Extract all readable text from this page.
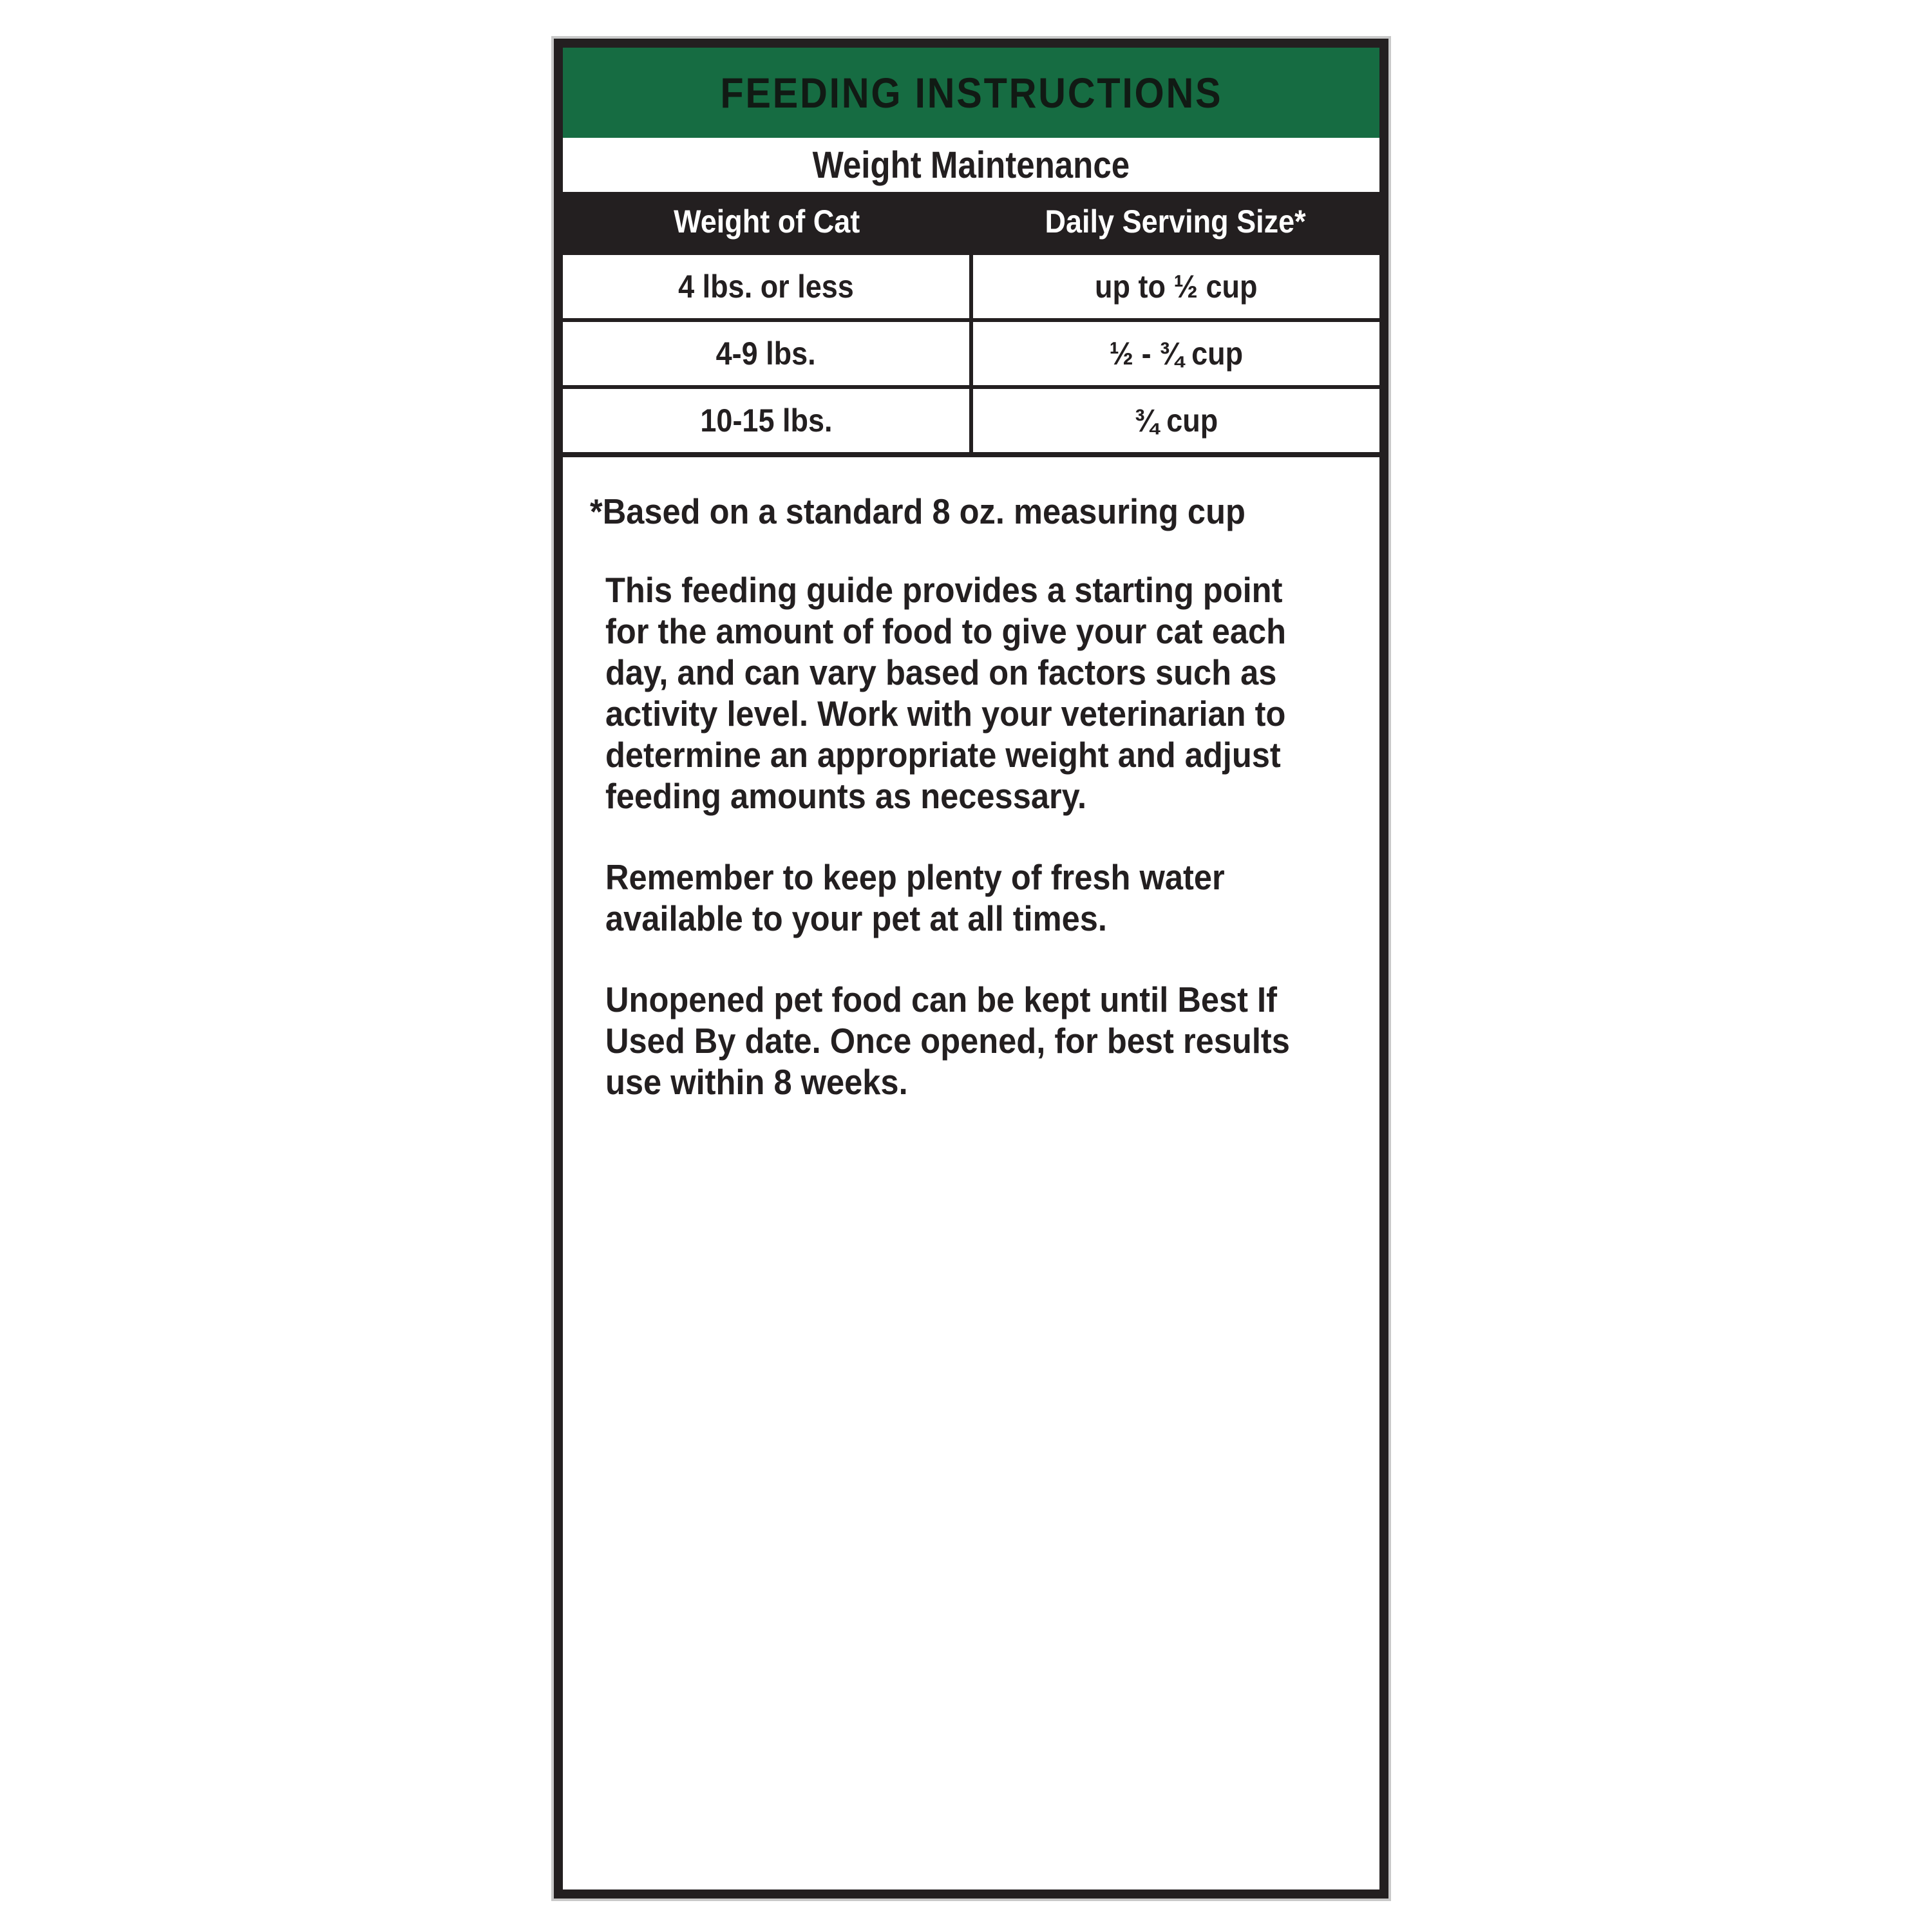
FEEDING INSTRUCTIONS
Weight Maintenance
Weight of Cat	Daily Serving Size*
4 lbs. or less	up to ½ cup
4-9 lbs.	½ - ¾ cup
10-15 lbs.	¾ cup

*Based on a standard 8 oz. measuring cup

This feeding guide provides a starting point for the amount of food to give your cat each day, and can vary based on factors such as activity level. Work with your veterinarian to determine an appropriate weight and adjust feeding amounts as necessary.

Remember to keep plenty of fresh water available to your pet at all times.

Unopened pet food can be kept until Best If Used By date. Once opened, for best results use within 8 weeks.
